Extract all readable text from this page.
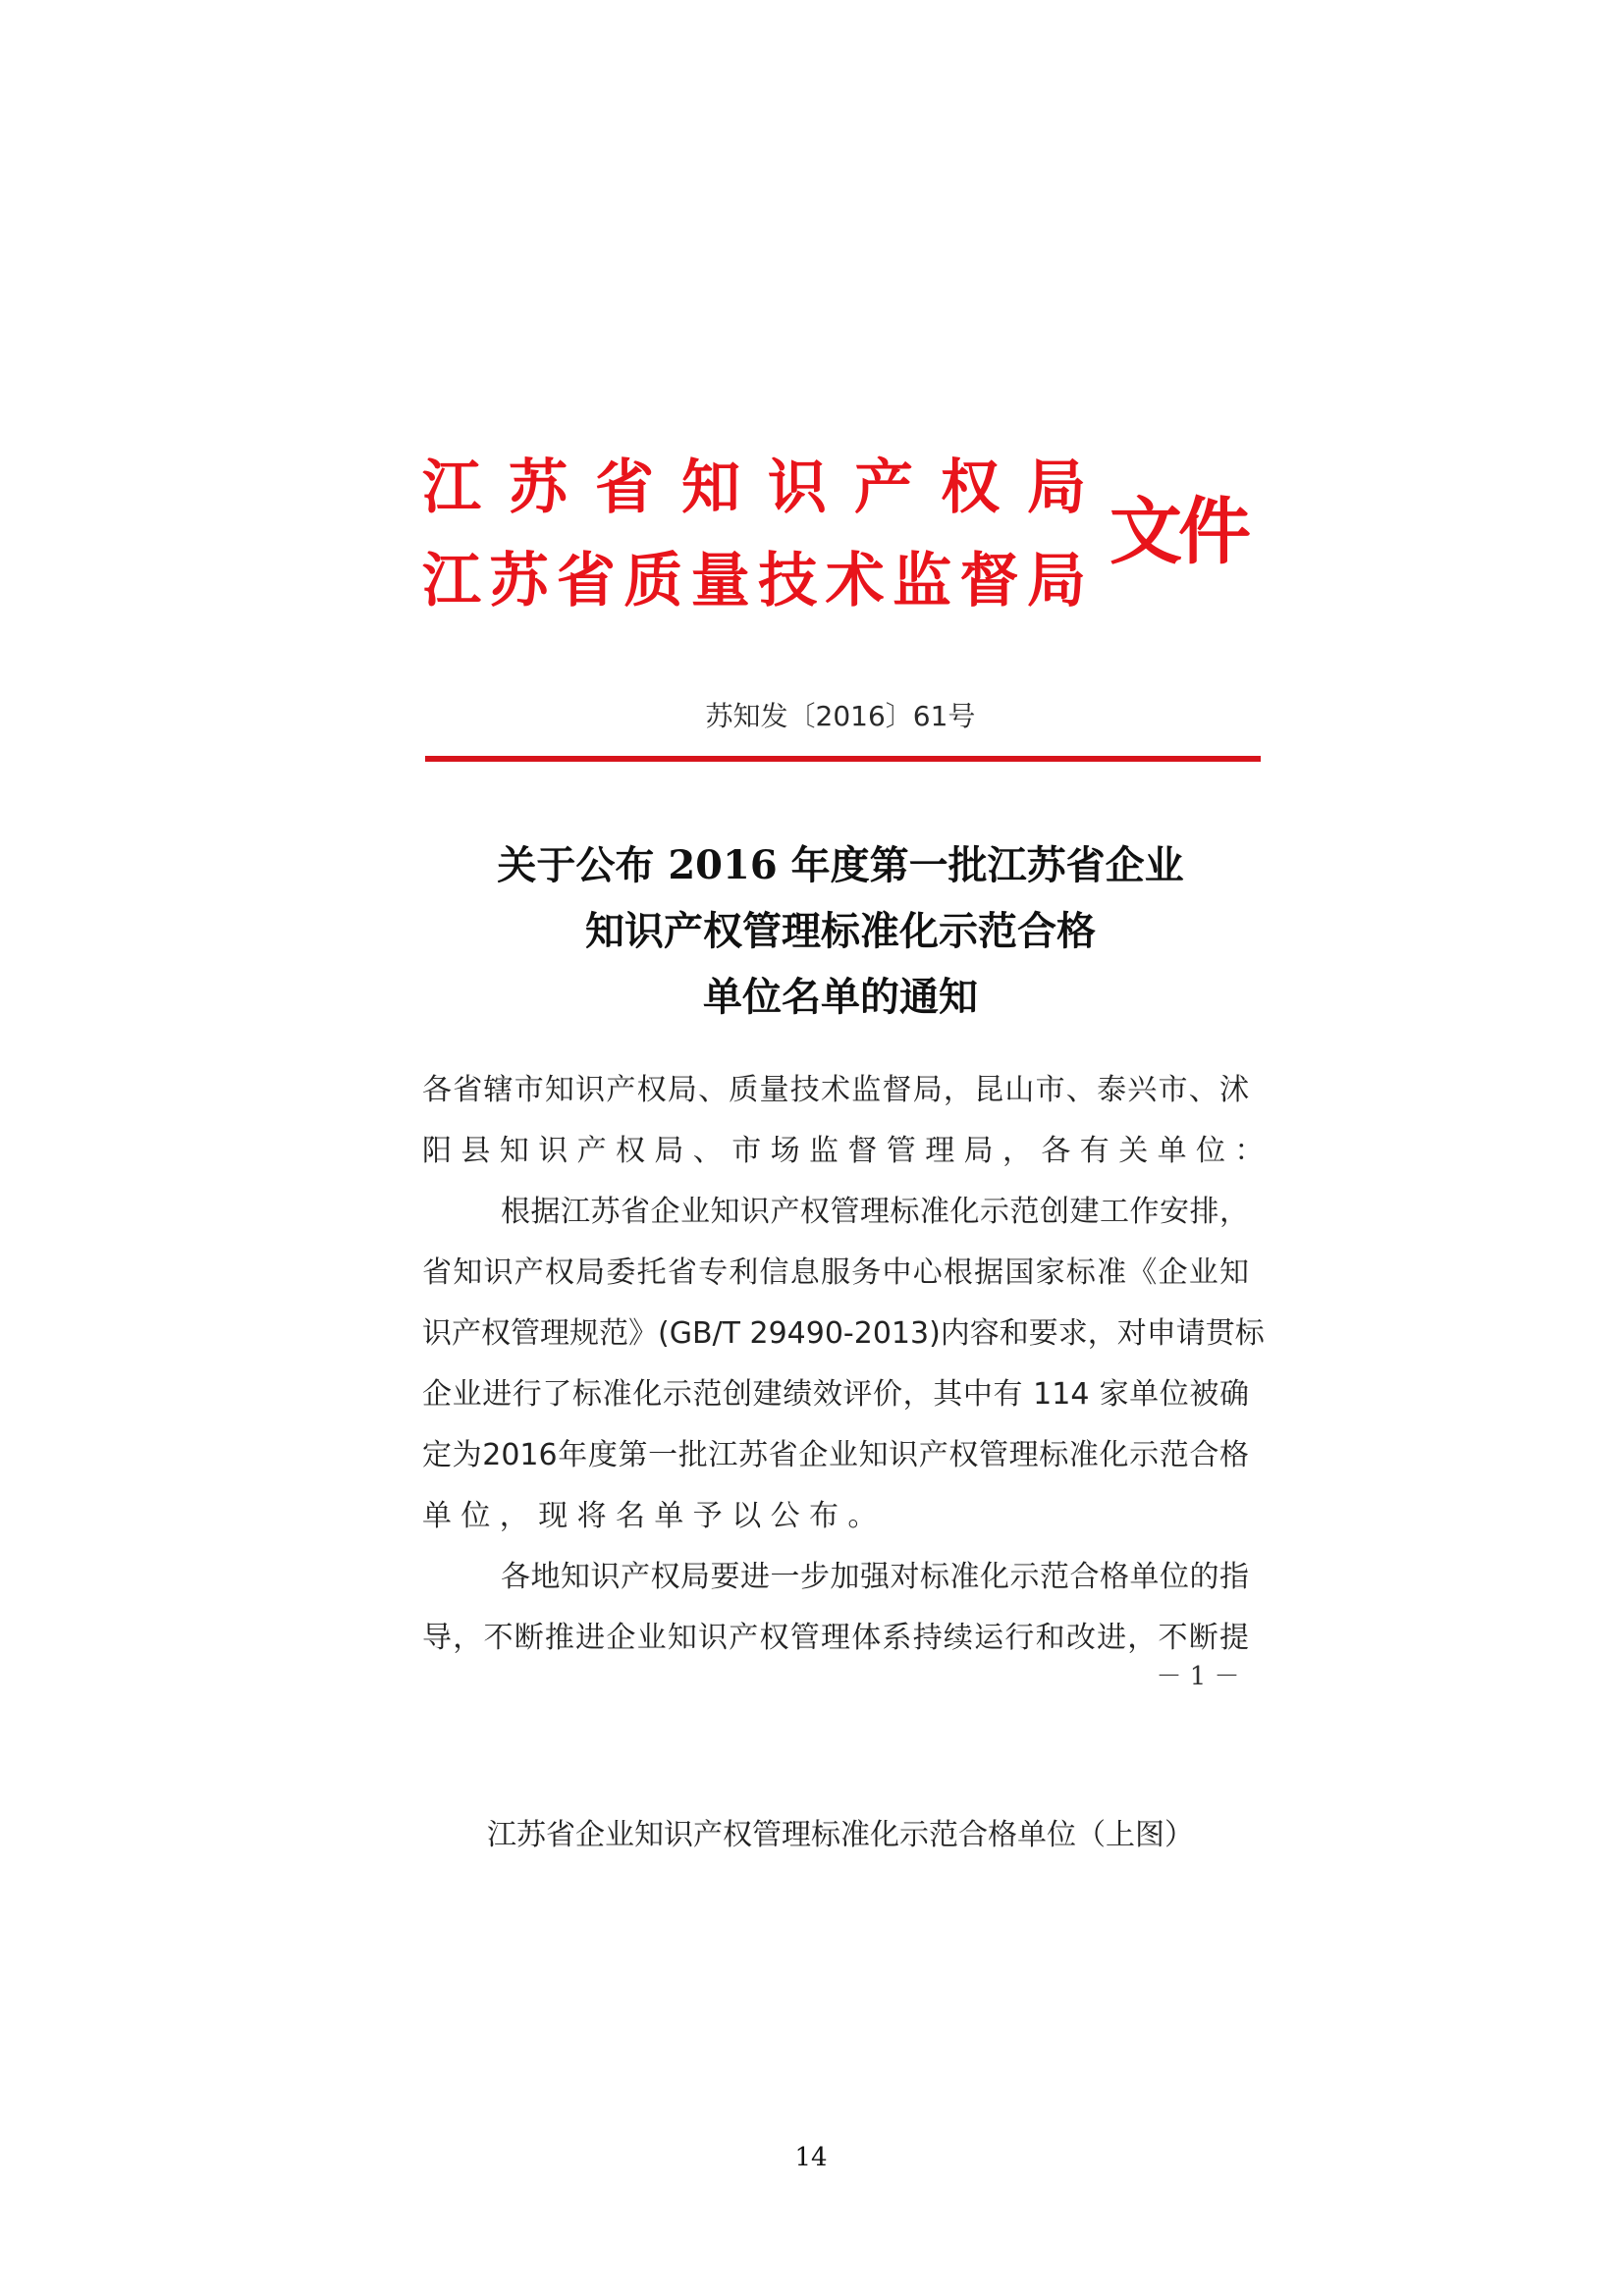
江 苏 省 知 识 产 权 局
江 苏 省 质 量 技 术 监 督 局
文件
苏知发〔2016〕61号
关于公布 2016 年度第一批江苏省企业
知识产权管理标准化示范合格
单位名单的通知
各省辖市知识产权局、质量技术监督局，昆山市、泰兴市、沭
阳县知识产权局、市场监督管理局，各有关单位：
根据江苏省企业知识产权管理标准化示范创建工作安排，
省知识产权局委托省专利信息服务中心根据国家标准《企业知
识产权管理规范》(GB/T 29490-2013)内容和要求，对申请贯标
企业进行了标准化示范创建绩效评价，其中有 114 家单位被确
定为2016年度第一批江苏省企业知识产权管理标准化示范合格
单位，现将名单予以公布。
各地知识产权局要进一步加强对标准化示范合格单位的指
导，不断推进企业知识产权管理体系持续运行和改进，不断提
－ 1 －
江苏省企业知识产权管理标准化示范合格单位（上图）
14
